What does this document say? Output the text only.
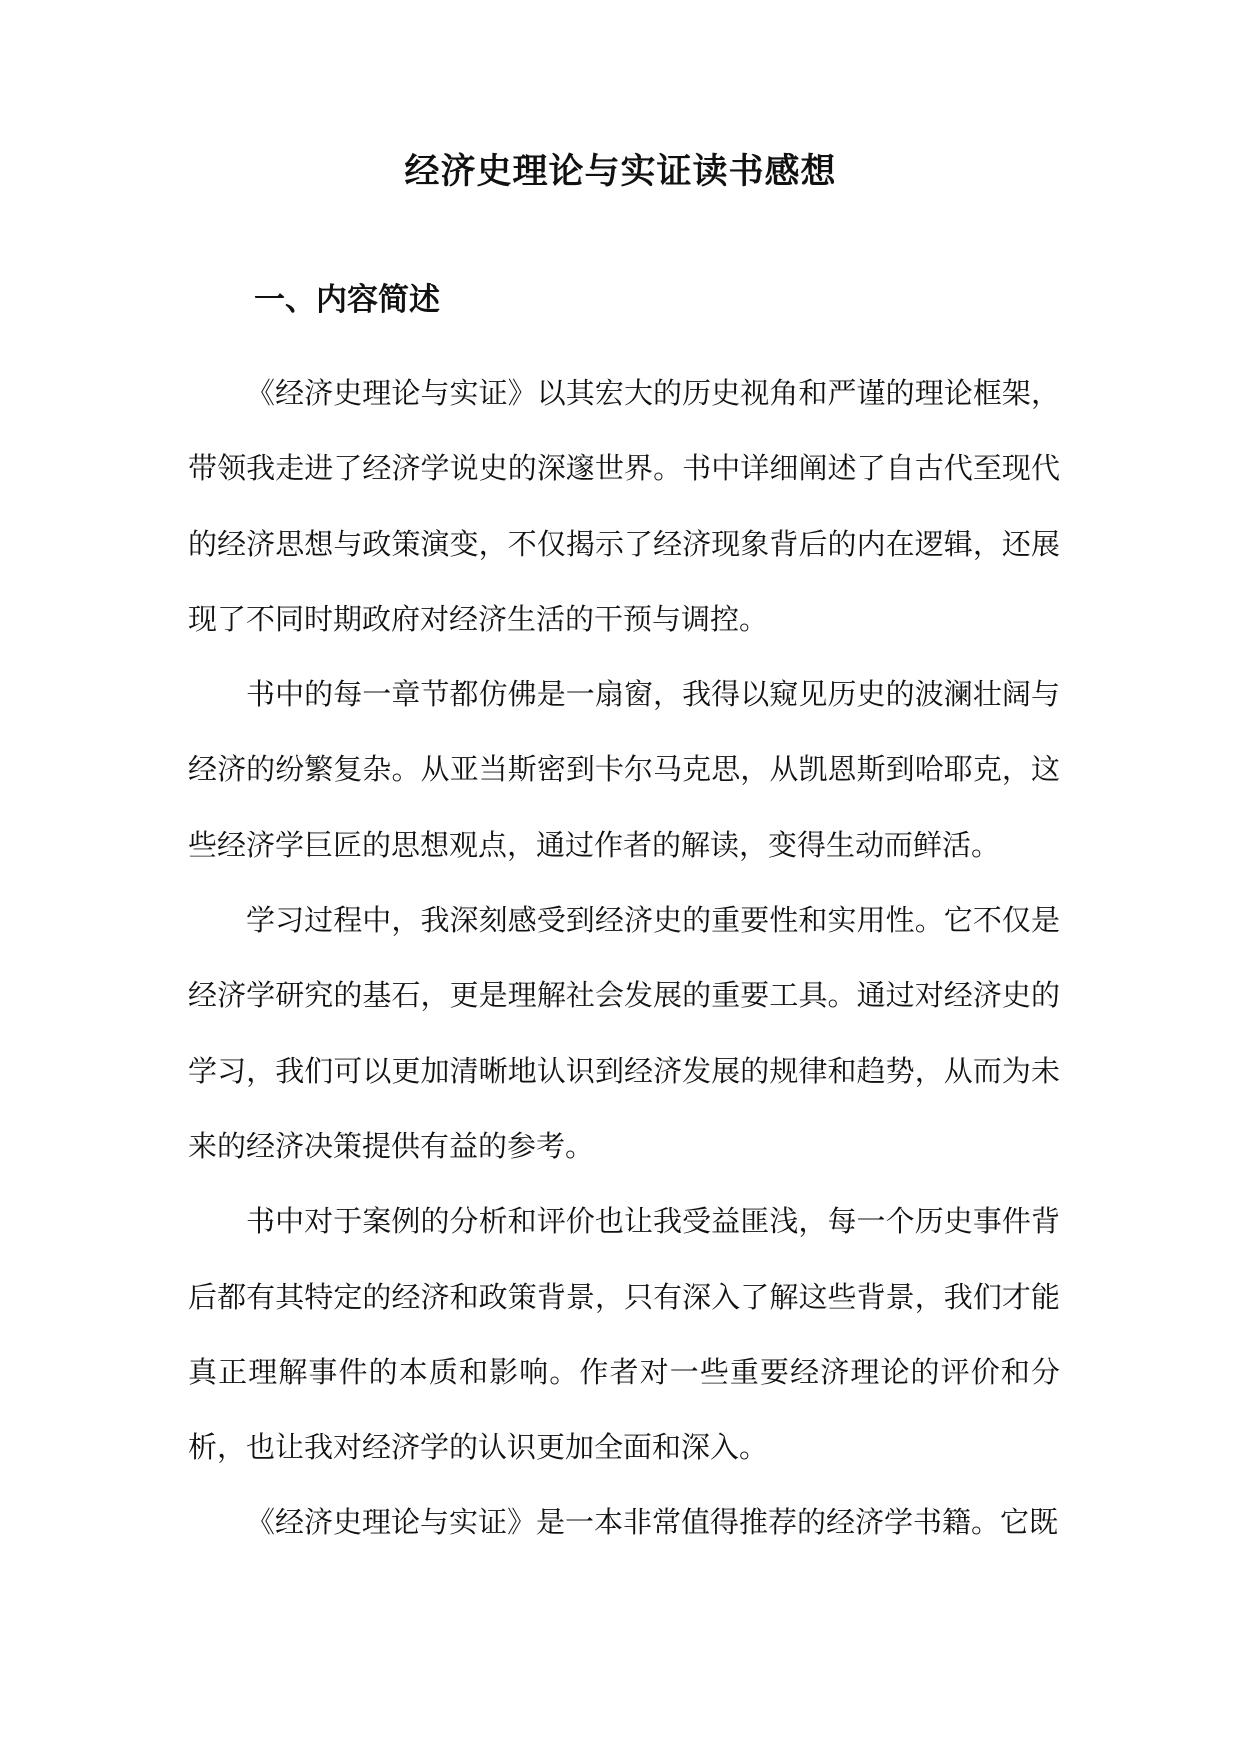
经济史理论与实证读书感想
一、内容简述

《经济史理论与实证》以其宏大的历史视角和严谨的理论框架，带领我走进了经济学说史的深邃世界。书中详细阐述了自古代至现代的经济思想与政策演变，不仅揭示了经济现象背后的内在逻辑，还展现了不同时期政府对经济生活的干预与调控。

书中的每一章节都仿佛是一扇窗，我得以窥见历史的波澜壮阔与经济的纷繁复杂。从亚当斯密到卡尔马克思，从凯恩斯到哈耶克，这些经济学巨匠的思想观点，通过作者的解读，变得生动而鲜活。

学习过程中，我深刻感受到经济史的重要性和实用性。它不仅是经济学研究的基石，更是理解社会发展的重要工具。通过对经济史的学习，我们可以更加清晰地认识到经济发展的规律和趋势，从而为未来的经济决策提供有益的参考。

书中对于案例的分析和评价也让我受益匪浅，每一个历史事件背后都有其特定的经济和政策背景，只有深入了解这些背景，我们才能真正理解事件的本质和影响。作者对一些重要经济理论的评价和分析，也让我对经济学的认识更加全面和深入。

《经济史理论与实证》是一本非常值得推荐的经济学书籍。它既
